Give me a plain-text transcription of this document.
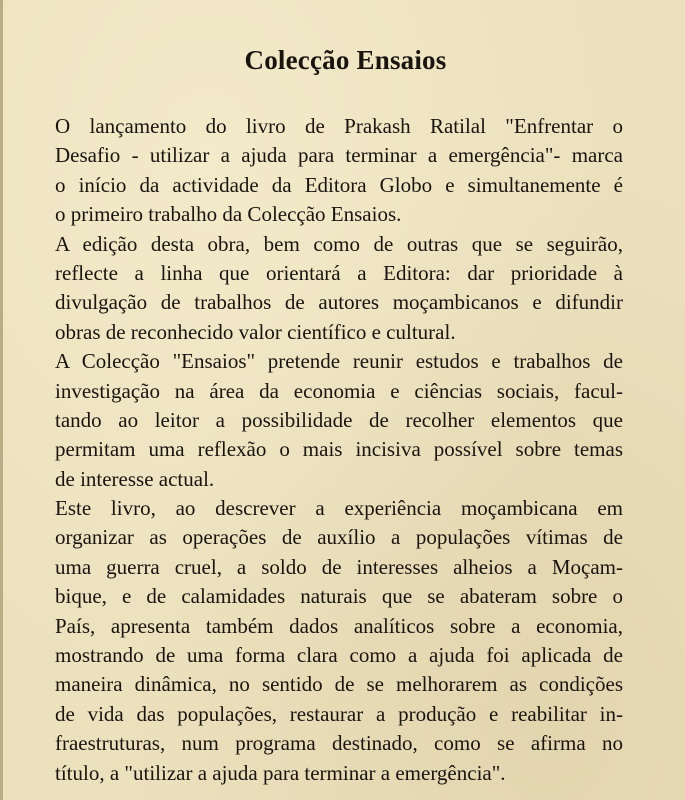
Colecção Ensaios
O lançamento do livro de Prakash Ratilal "Enfrentar o
Desafio - utilizar a ajuda para terminar a emergência"- marca
o início da actividade da Editora Globo e simultanemente é
o primeiro trabalho da Colecção Ensaios.
A edição desta obra, bem como de outras que se seguirão,
reflecte a linha que orientará a Editora: dar prioridade à
divulgação de trabalhos de autores moçambicanos e difundir
obras de reconhecido valor científico e cultural.
A Colecção "Ensaios" pretende reunir estudos e trabalhos de
investigação na área da economia e ciências sociais, facul-
tando ao leitor a possibilidade de recolher elementos que
permitam uma reflexão o mais incisiva possível sobre temas
de interesse actual.
Este livro, ao descrever a experiência moçambicana em
organizar as operações de auxílio a populações vítimas de
uma guerra cruel, a soldo de interesses alheios a Moçam-
bique, e de calamidades naturais que se abateram sobre o
País, apresenta também dados analíticos sobre a economia,
mostrando de uma forma clara como a ajuda foi aplicada de
maneira dinâmica, no sentido de se melhorarem as condições
de vida das populações, restaurar a produção e reabilitar in-
fraestruturas, num programa destinado, como se afirma no
título, a "utilizar a ajuda para terminar a emergência".
